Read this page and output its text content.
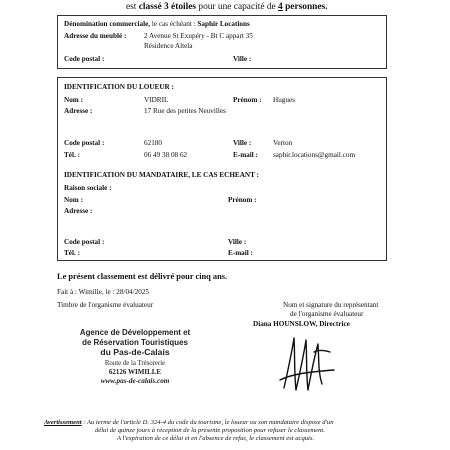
est classé 3 étoiles pour une capacité de 4 personnes.
Dénomination commerciale, le cas échéant : Saphir Locations
Adresse du meublé : 2 Avenue St Exupéry - Bt C appart 35
Résidence Altela
Code postal :	Ville :
IDENTIFICATION DU LOUEUR :
Nom :	VIDRIL	Prénom : Hugues
Adresse :	17 Rue des petites Neuvilles
Code postal :	62180	Ville :	Verton
Tél. :	06 49 38 08 62	E-mail : saphir.locations@gmail.com
IDENTIFICATION DU MANDATAIRE, LE CAS ECHEANT :
Raison sociale :
Nom :	Prénom :
Adresse :
Code postal :	Ville :
Tél. :	E-mail :
Le présent classement est délivré pour cinq ans.
Fait à : Wimille, le : 28/04/2025
Timbre de l'organisme évaluateur	Nom et signature du représentant
de l'organisme évaluateur
Diana HOUNSLOW, Directrice
Agence de Développement et
de Réservation Touristiques
du Pas-de-Calais
Route de la Trésorerie
62126 WIMILLE
www.pas-de-calais.com
Avertissement : Au terme de l'article D. 324-4 du code du tourisme, le loueur ou son mandataire dispose d'un
délai de quinze jours à réception de la présente proposition pour refuser le classement.
A l'expiration de ce délai et en l'absence de refus, le classement est acquis.
